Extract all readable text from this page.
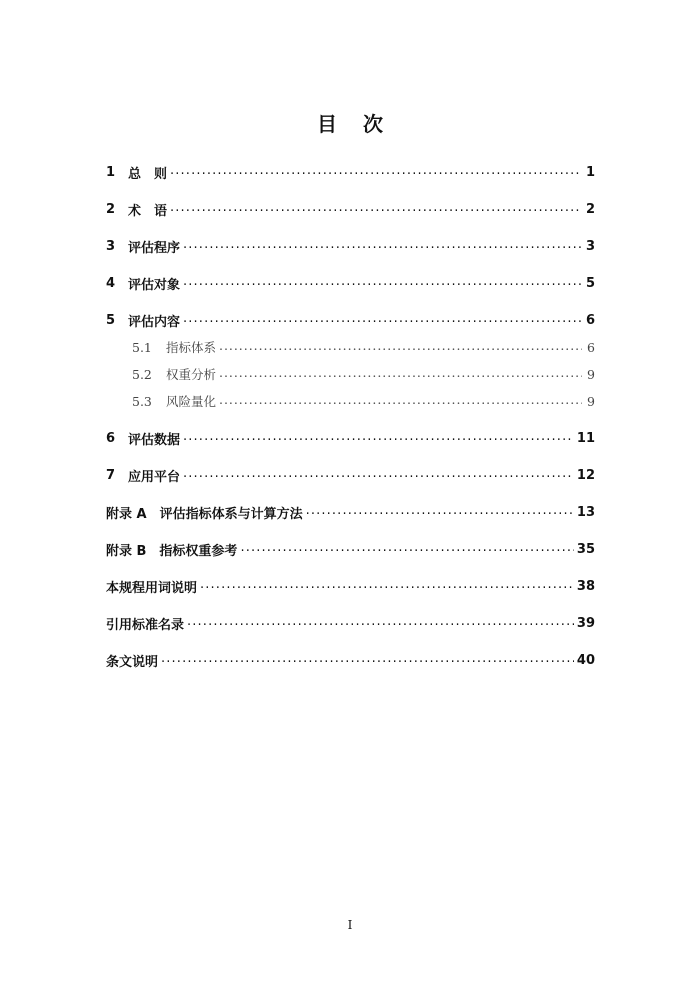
目 次
1 总　则 . . .	1
2 术　语 . . .	2
3 评估程序 . . .	3
4 评估对象 . . .	5
5 评估内容 . . .	6
5.1	指标体系 . . .	6
5.2	权重分析 . . .	9
5.3	风险量化 . . .	9
6 评估数据 . . .	11
7 应用平台 . . .	12
附录 A　评估指标体系与计算方法 . . .	13
附录 B　指标权重参考 . . .	35
本规程用词说明 . . .	38
引用标准名录 . . .	39
条文说明 . . .	40
I
